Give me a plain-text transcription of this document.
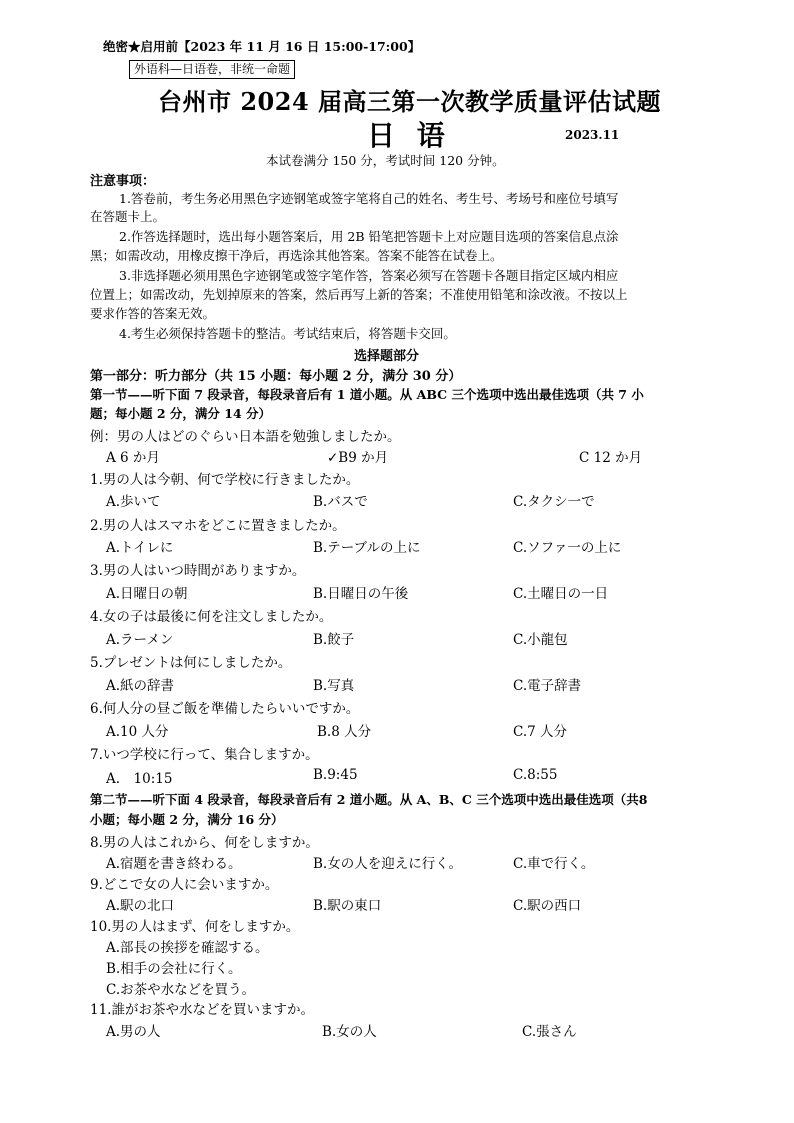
绝密★启用前【2023 年 11 月 16 日 15:00-17:00】
外语科—日语卷，非统一命题
台州市 2024 届高三第一次教学质量评估试题
日 语	2023.11
本试卷满分 150 分，考试时间 120 分钟。
注意事项：
1.答卷前，考生务必用黑色字迹钢笔或签字笔将自己的姓名、考生号、考场号和座位号填写
在答题卡上。
2.作答选择题时，选出每小题答案后，用 2B 铅笔把答题卡上对应题目选项的答案信息点涂
黑；如需改动，用橡皮擦干净后，再选涂其他答案。答案不能答在试卷上。
3.非选择题必须用黑色字迹钢笔或签字笔作答，答案必须写在答题卡各题目指定区域内相应
位置上；如需改动，先划掉原来的答案，然后再写上新的答案；不准使用铅笔和涂改液。不按以上
要求作答的答案无效。
4.考生必须保持答题卡的整洁。考试结束后，将答题卡交回。
选择题部分
第一部分：听力部分（共 15 小题：每小题 2 分，满分 30 分）
第一节——听下面 7 段录音，每段录音后有 1 道小题。从 ABC 三个选项中选出最佳选项（共 7 小
题；每小题 2 分，满分 14 分）
例：男の人はどのぐらい日本語を勉強しましたか。
A 6 か月	✓B9 か月	C 12 か月
1.男の人は今朝、何で学校に行きましたか。
A.歩いて	B.バスで	C.タクシ一で
2.男の人はスマホをどこに置きましたか。
A.トイレに	B.テーブルの上に	C.ソファ一の上に
3.男の人はいつ時間がありますか。
A.日曜日の朝	B.日曜日の午後	C.土曜日の一日
4.女の子は最後に何を注文しましたか。
A.ラーメン	B.餃子	C.小龍包
5.プレゼントは何にしましたか。
A.紙の辞書	B.写真	C.電子辞書
6.何人分の昼ご飯を準備したらいいですか。
A.10 人分	B.8 人分	C.7 人分
7.いつ学校に行って、集合しますか。
A.　10:15	B.9:45	C.8:55
第二节——听下面 4 段录音，每段录音后有 2 道小题。从 A、B、C 三个选项中选出最佳选项（共8
小题；每小题 2 分，满分 16 分）
8.男の人はこれから、何をしますか。
A.宿題を書き終わる。	B.女の人を迎えに行く。	C.車で行く。
9.どこで女の人に会いますか。
A.駅の北口	B.駅の東口	C.駅の西口
10.男の人はまず、何をしますか。
A.部長の挨拶を確認する。
B.相手の会社に行く。
C.お茶や水などを買う。
11.誰がお茶や水などを買いますか。
A.男の人	B.女の人	C.張さん
